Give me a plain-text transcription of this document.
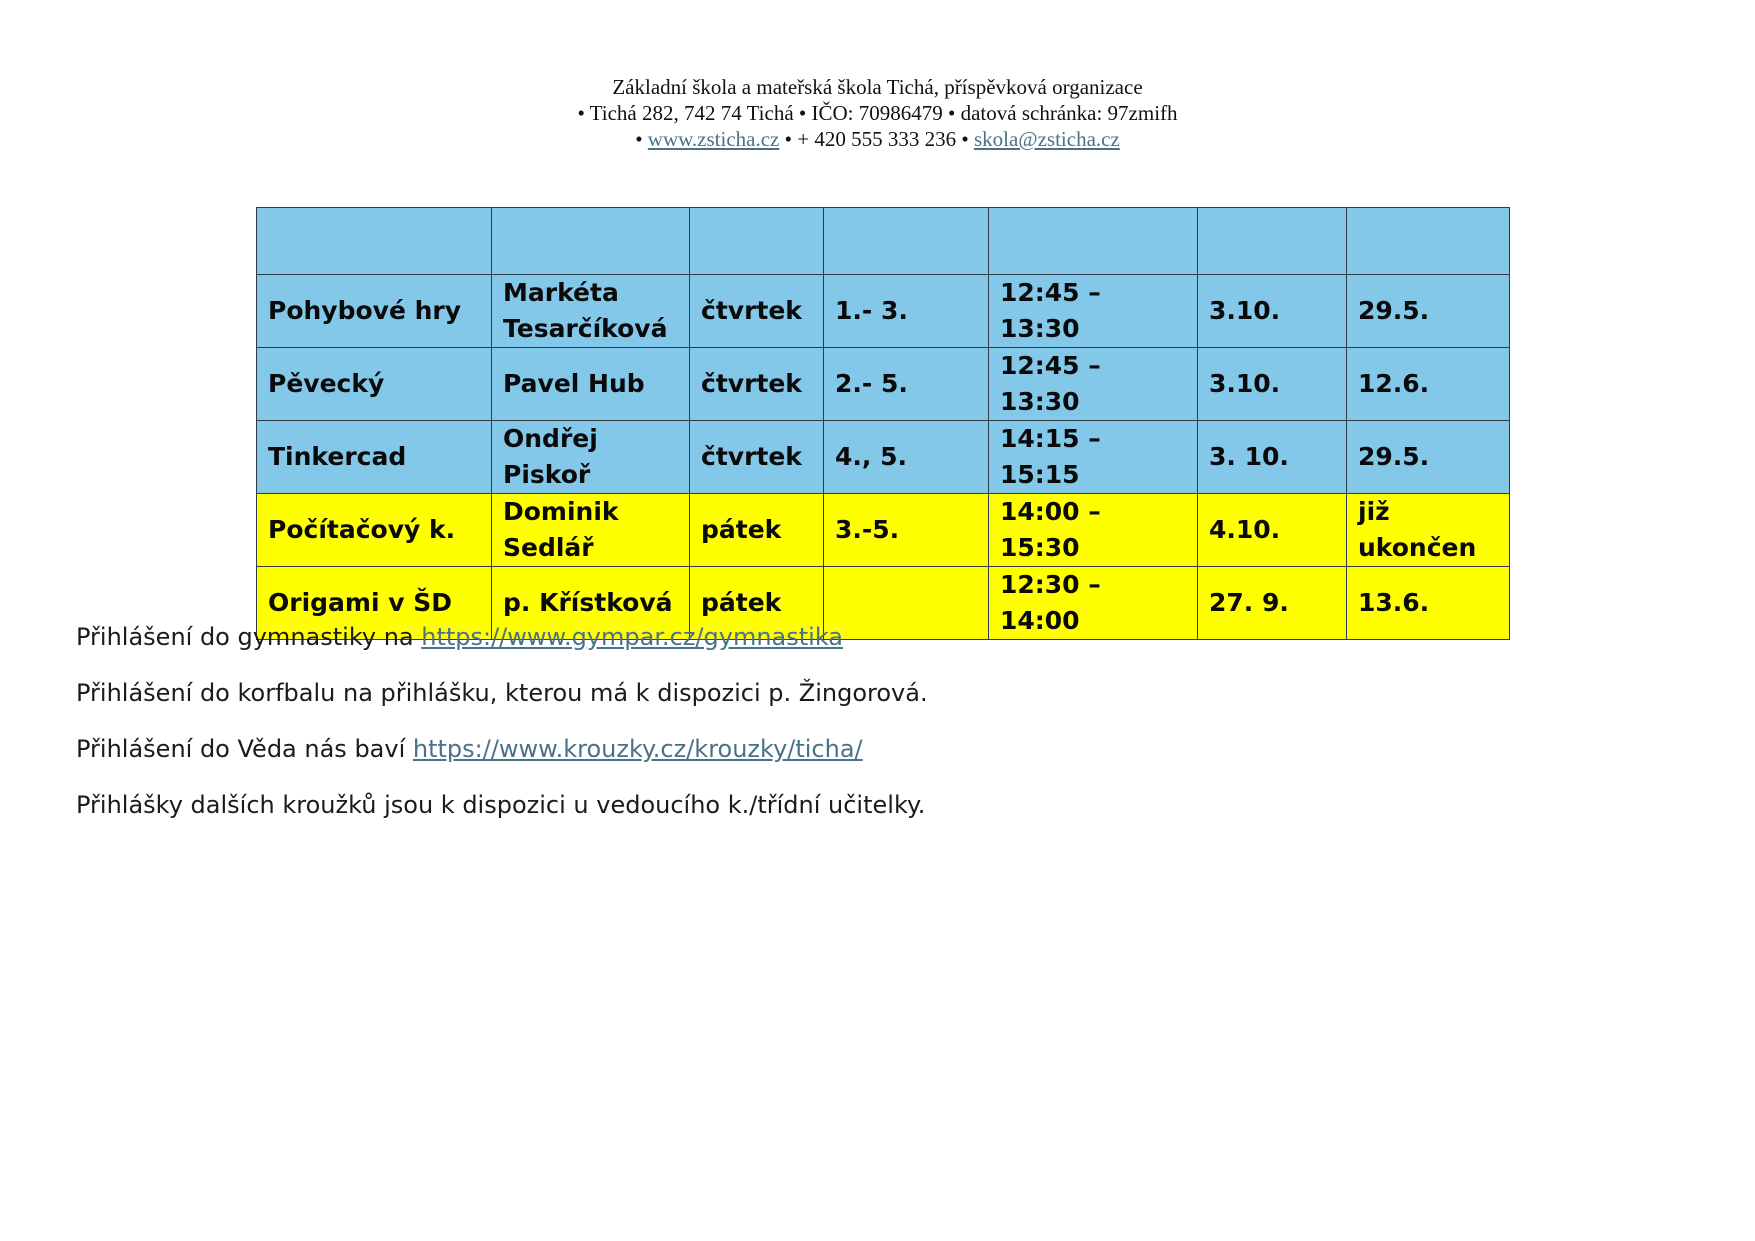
Základní škola a mateřská škola Tichá, příspěvková organizace
• Tichá 282, 742 74 Tichá • IČO: 70986479 • datová schránka: 97zmifh
• www.zsticha.cz • + 420 555 333 236 • skola@zsticha.cz

Pohybové hry	Markéta Tesarčíková	čtvrtek	1.- 3.	12:45 – 13:30	3.10.	29.5.
Pěvecký	Pavel Hub	čtvrtek	2.- 5.	12:45 – 13:30	3.10.	12.6.
Tinkercad	Ondřej Piskoř	čtvrtek	4., 5.	14:15 – 15:15	3. 10.	29.5.
Počítačový k.	Dominik Sedlář	pátek	3.-5.	14:00 – 15:30	4.10.	již ukončen
Origami v ŠD	p. Křístková	pátek		12:30 – 14:00	27. 9.	13.6.

Přihlášení do gymnastiky na https://www.gympar.cz/gymnastika

Přihlášení do korfbalu na přihlášku, kterou má k dispozici p. Žingorová.

Přihlášení do Věda nás baví https://www.krouzky.cz/krouzky/ticha/

Přihlášky dalších kroužků jsou k dispozici u vedoucího k./třídní učitelky.
